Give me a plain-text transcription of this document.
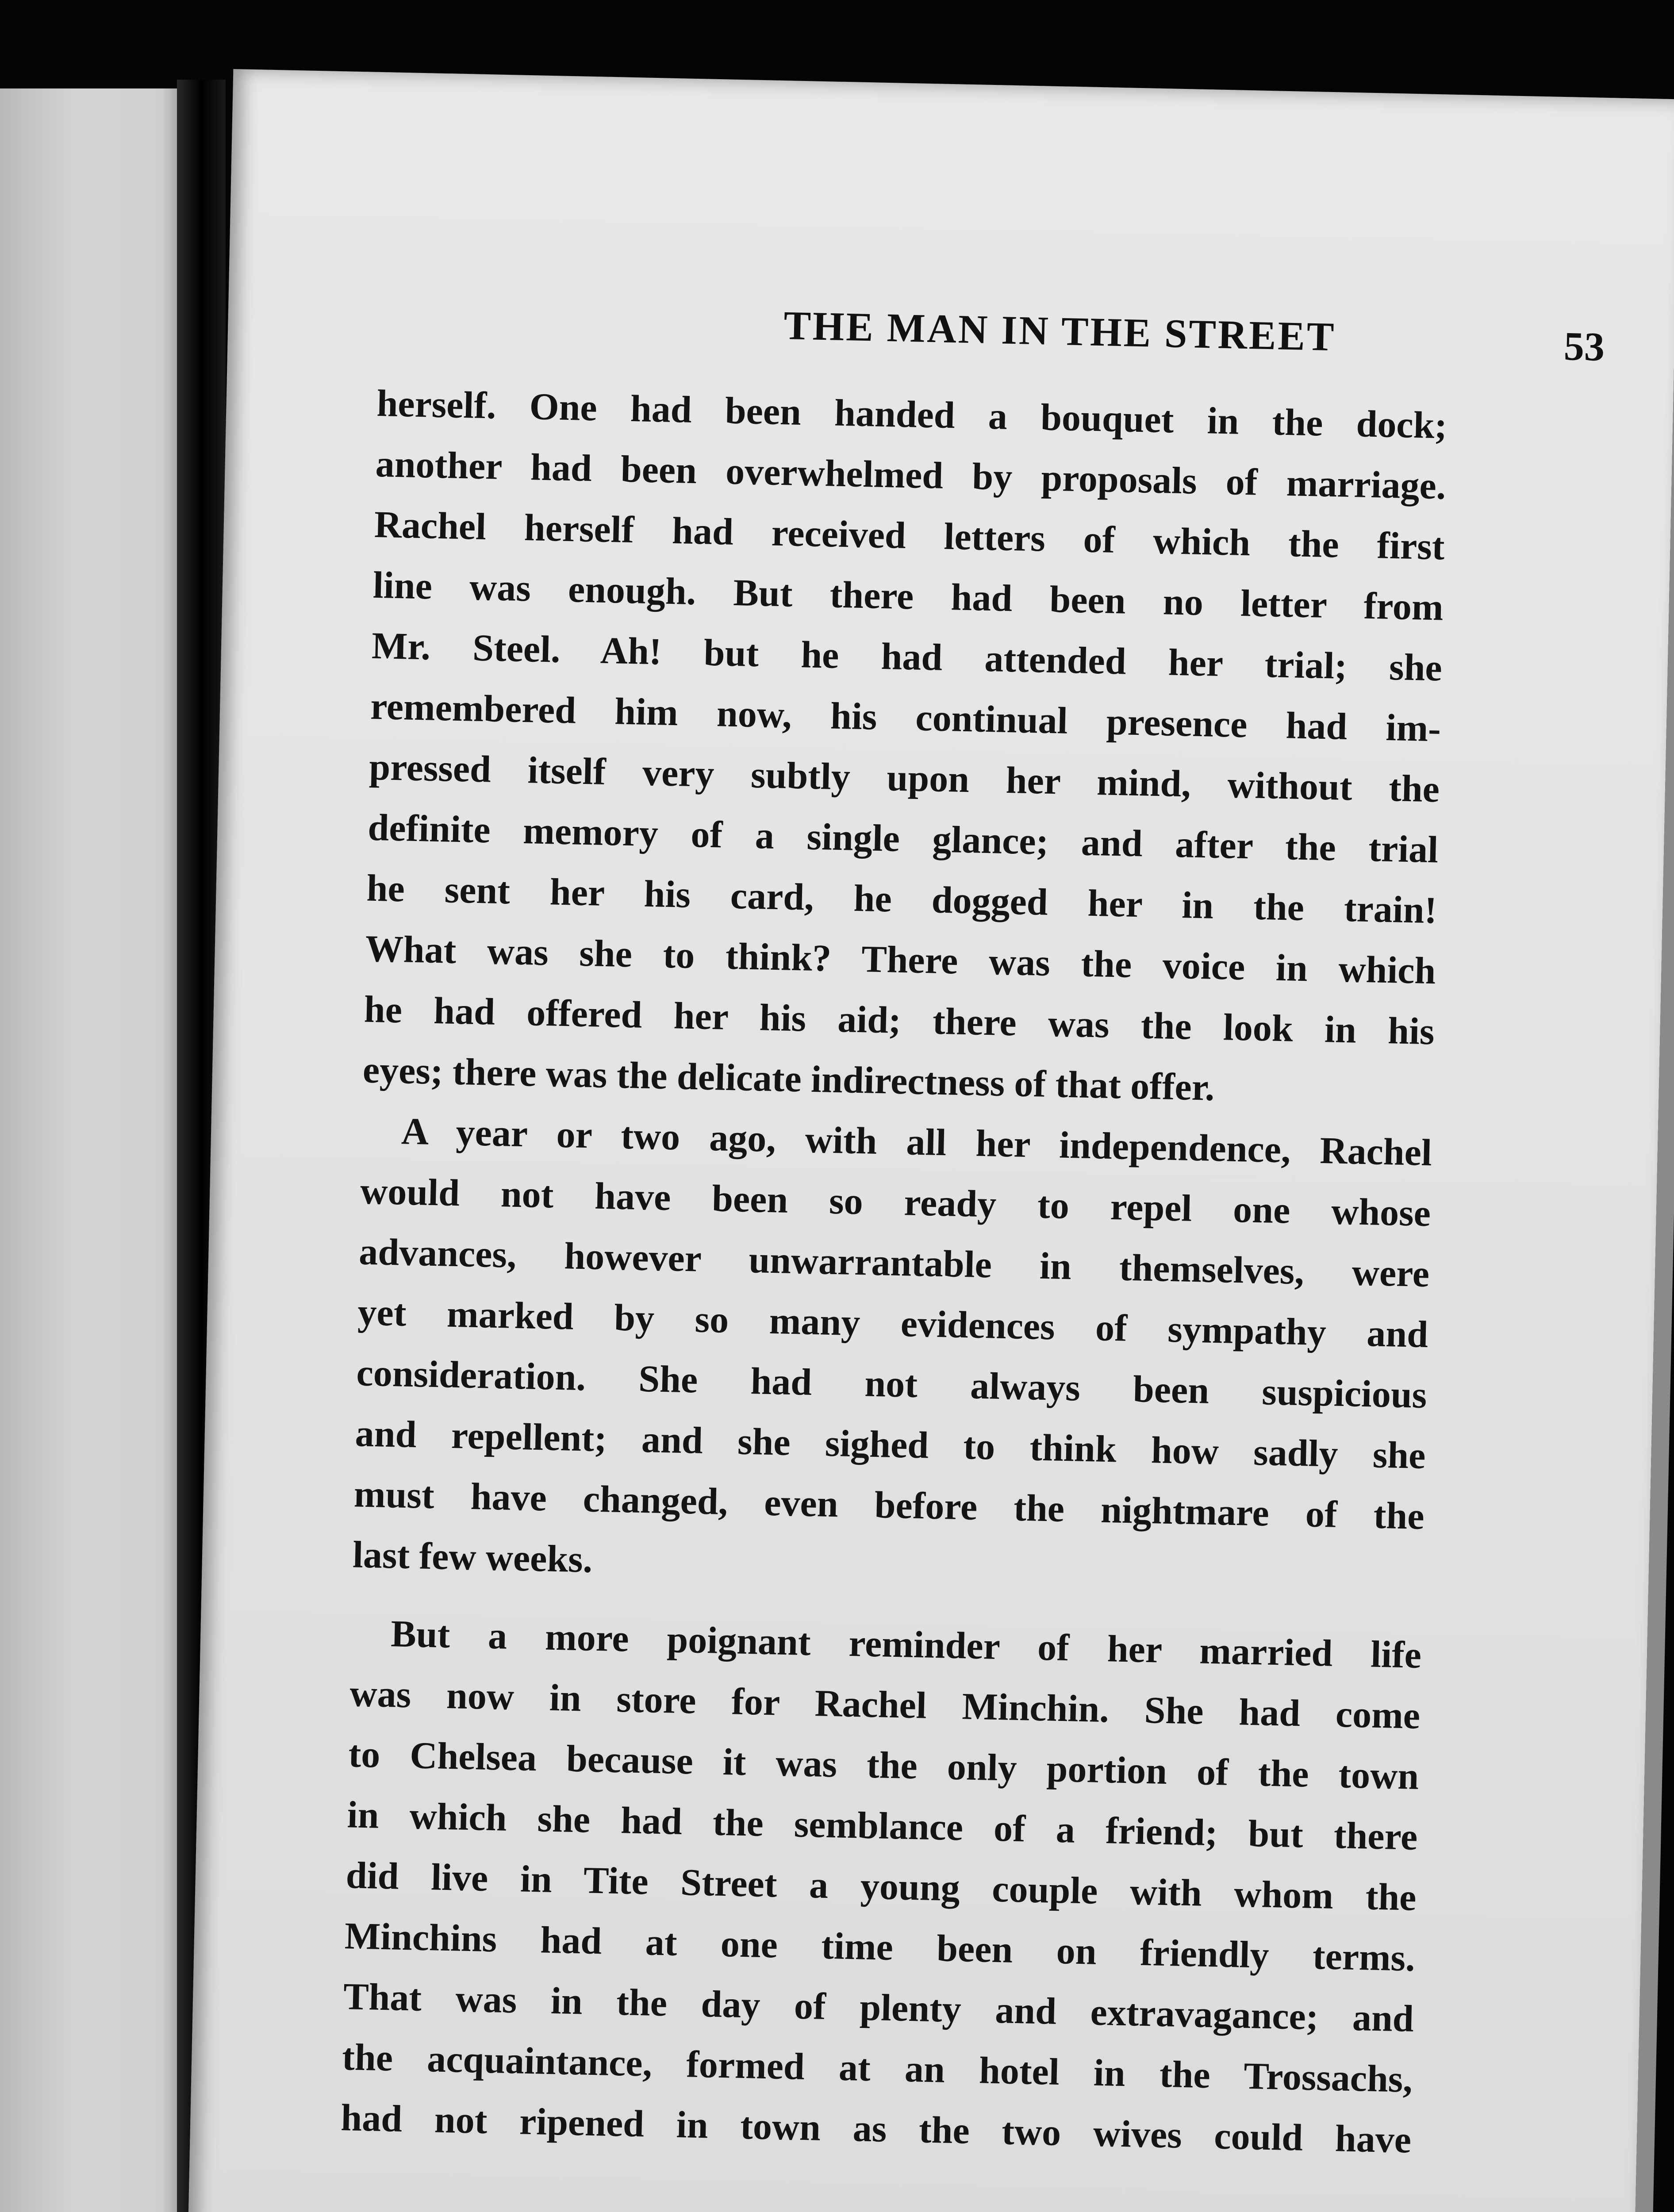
THE MAN IN THE STREET	53
herself. One had been handed a bouquet in the dock;
another had been overwhelmed by proposals of marriage.
Rachel herself had received letters of which the first
line was enough. But there had been no letter from
Mr. Steel. Ah! but he had attended her trial; she
remembered him now, his continual presence had im-
pressed itself very subtly upon her mind, without the
definite memory of a single glance; and after the trial
he sent her his card, he dogged her in the train!
What was she to think? There was the voice in which
he had offered her his aid; there was the look in his
eyes; there was the delicate indirectness of that offer.
A year or two ago, with all her independence, Rachel
would not have been so ready to repel one whose
advances, however unwarrantable in themselves, were
yet marked by so many evidences of sympathy and
consideration. She had not always been suspicious
and repellent; and she sighed to think how sadly she
must have changed, even before the nightmare of the
last few weeks.
But a more poignant reminder of her married life
was now in store for Rachel Minchin. She had come
to Chelsea because it was the only portion of the town
in which she had the semblance of a friend; but there
did live in Tite Street a young couple with whom the
Minchins had at one time been on friendly terms.
That was in the day of plenty and extravagance; and
the acquaintance, formed at an hotel in the Trossachs,
had not ripened in town as the two wives could have
